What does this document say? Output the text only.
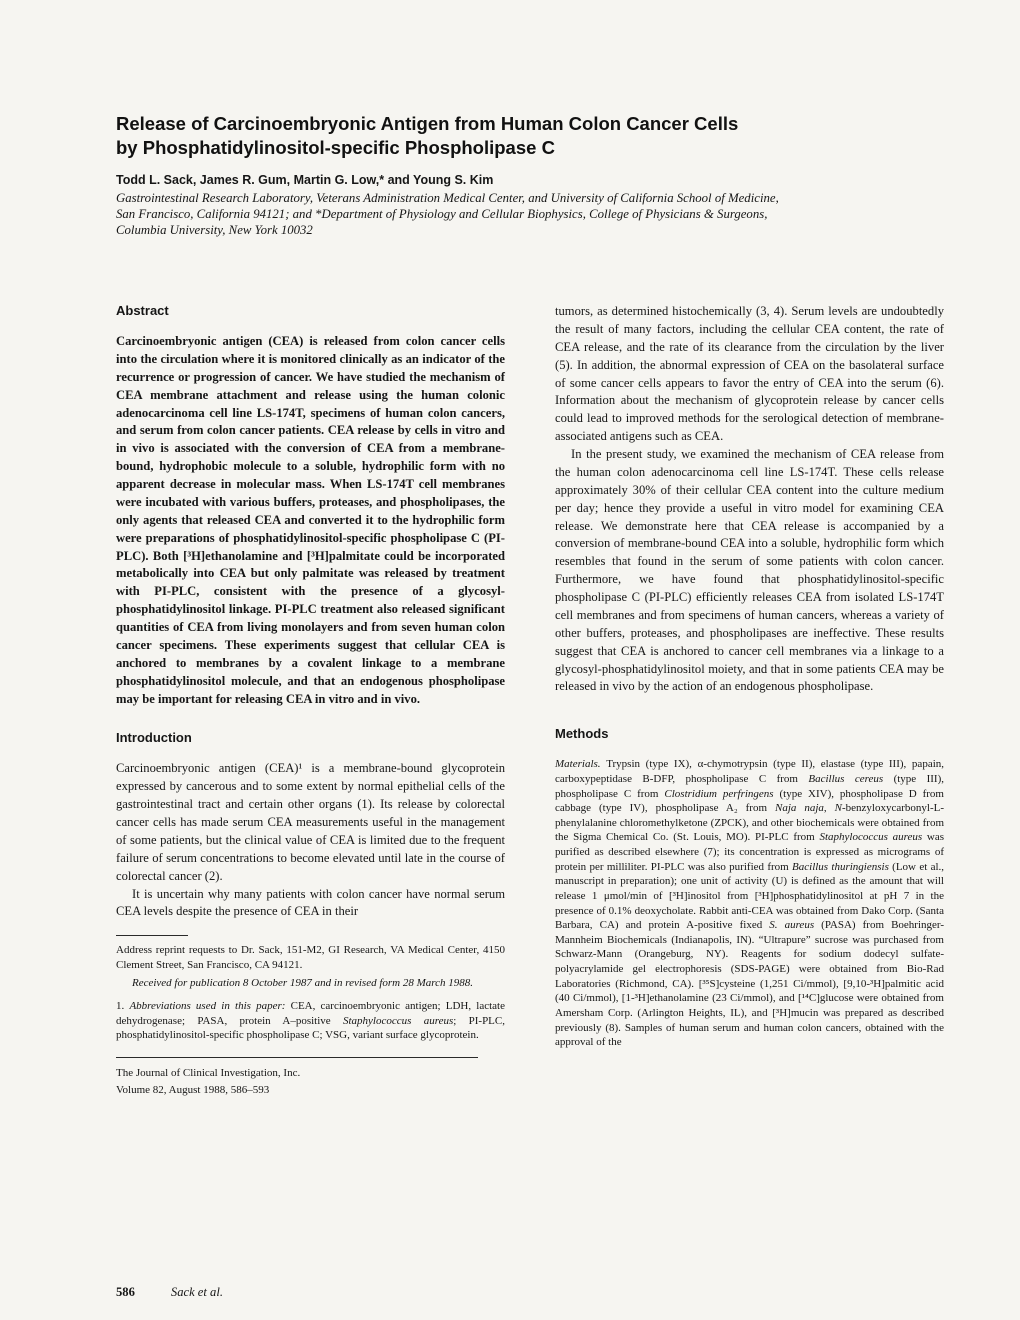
Release of Carcinoembryonic Antigen from Human Colon Cancer Cells
by Phosphatidylinositol-specific Phospholipase C
Todd L. Sack, James R. Gum, Martin G. Low,* and Young S. Kim
Gastrointestinal Research Laboratory, Veterans Administration Medical Center, and University of California School of Medicine,
San Francisco, California 94121; and *Department of Physiology and Cellular Biophysics, College of Physicians & Surgeons,
Columbia University, New York 10032
Abstract

Carcinoembryonic antigen (CEA) is released from colon cancer cells into the circulation where it is monitored clinically as an indicator of the recurrence or progression of cancer. We have studied the mechanism of CEA membrane attachment and release using the human colonic adenocarcinoma cell line LS-174T, specimens of human colon cancers, and serum from colon cancer patients. CEA release by cells in vitro and in vivo is associated with the conversion of CEA from a membrane-bound, hydrophobic molecule to a soluble, hydrophilic form with no apparent decrease in molecular mass. When LS-174T cell membranes were incubated with various buffers, proteases, and phospholipases, the only agents that released CEA and converted it to the hydrophilic form were preparations of phosphatidylinositol-specific phospholipase C (PI-PLC). Both [³H]ethanolamine and [³H]palmitate could be incorporated metabolically into CEA but only palmitate was released by treatment with PI-PLC, consistent with the presence of a glycosyl-phosphatidylinositol linkage. PI-PLC treatment also released significant quantities of CEA from living monolayers and from seven human colon cancer specimens. These experiments suggest that cellular CEA is anchored to membranes by a covalent linkage to a membrane phosphatidylinositol molecule, and that an endogenous phospholipase may be important for releasing CEA in vitro and in vivo.

Introduction

Carcinoembryonic antigen (CEA)¹ is a membrane-bound glycoprotein expressed by cancerous and to some extent by normal epithelial cells of the gastrointestinal tract and certain other organs (1). Its release by colorectal cancer cells has made serum CEA measurements useful in the management of some patients, but the clinical value of CEA is limited due to the frequent failure of serum concentrations to become elevated until late in the course of colorectal cancer (2).

It is uncertain why many patients with colon cancer have normal serum CEA levels despite the presence of CEA in their

Address reprint requests to Dr. Sack, 151-M2, GI Research, VA Medical Center, 4150 Clement Street, San Francisco, CA 94121.

Received for publication 8 October 1987 and in revised form 28 March 1988.

1. Abbreviations used in this paper: CEA, carcinoembryonic antigen; LDH, lactate dehydrogenase; PASA, protein A–positive Staphylococcus aureus; PI-PLC, phosphatidylinositol-specific phospholipase C; VSG, variant surface glycoprotein.

The Journal of Clinical Investigation, Inc.

Volume 82, August 1988, 586–593

tumors, as determined histochemically (3, 4). Serum levels are undoubtedly the result of many factors, including the cellular CEA content, the rate of CEA release, and the rate of its clearance from the circulation by the liver (5). In addition, the abnormal expression of CEA on the basolateral surface of some cancer cells appears to favor the entry of CEA into the serum (6). Information about the mechanism of glycoprotein release by cancer cells could lead to improved methods for the serological detection of membrane-associated antigens such as CEA.

In the present study, we examined the mechanism of CEA release from the human colon adenocarcinoma cell line LS-174T. These cells release approximately 30% of their cellular CEA content into the culture medium per day; hence they provide a useful in vitro model for examining CEA release. We demonstrate here that CEA release is accompanied by a conversion of membrane-bound CEA into a soluble, hydrophilic form which resembles that found in the serum of some patients with colon cancer. Furthermore, we have found that phosphatidylinositol-specific phospholipase C (PI-PLC) efficiently releases CEA from isolated LS-174T cell membranes and from specimens of human cancers, whereas a variety of other buffers, proteases, and phospholipases are ineffective. These results suggest that CEA is anchored to cancer cell membranes via a linkage to a glycosyl-phosphatidylinositol moiety, and that in some patients CEA may be released in vivo by the action of an endogenous phospholipase.

Methods

Materials. Trypsin (type IX), α-chymotrypsin (type II), elastase (type III), papain, carboxypeptidase B-DFP, phospholipase C from Bacillus cereus (type III), phospholipase C from Clostridium perfringens (type XIV), phospholipase D from cabbage (type IV), phospholipase A₂ from Naja naja, N-benzyloxycarbonyl-L-phenylalanine chloromethylketone (ZPCK), and other biochemicals were obtained from the Sigma Chemical Co. (St. Louis, MO). PI-PLC from Staphylococcus aureus was purified as described elsewhere (7); its concentration is expressed as micrograms of protein per milliliter. PI-PLC was also purified from Bacillus thuringiensis (Low et al., manuscript in preparation); one unit of activity (U) is defined as the amount that will release 1 μmol/min of [³H]inositol from [³H]phosphatidylinositol at pH 7 in the presence of 0.1% deoxycholate. Rabbit anti-CEA was obtained from Dako Corp. (Santa Barbara, CA) and protein A-positive fixed S. aureus (PASA) from Boehringer-Mannheim Biochemicals (Indianapolis, IN). “Ultrapure” sucrose was purchased from Schwarz-Mann (Orangeburg, NY). Reagents for sodium dodecyl sulfate-polyacrylamide gel electrophoresis (SDS-PAGE) were obtained from Bio-Rad Laboratories (Richmond, CA). [³⁵S]cysteine (1,251 Ci/mmol), [9,10-³H]palmitic acid (40 Ci/mmol), [1-³H]ethanolamine (23 Ci/mmol), and [¹⁴C]glucose were obtained from Amersham Corp. (Arlington Heights, IL), and [³H]mucin was prepared as described previously (8). Samples of human serum and human colon cancers, obtained with the approval of the

586	Sack et al.
